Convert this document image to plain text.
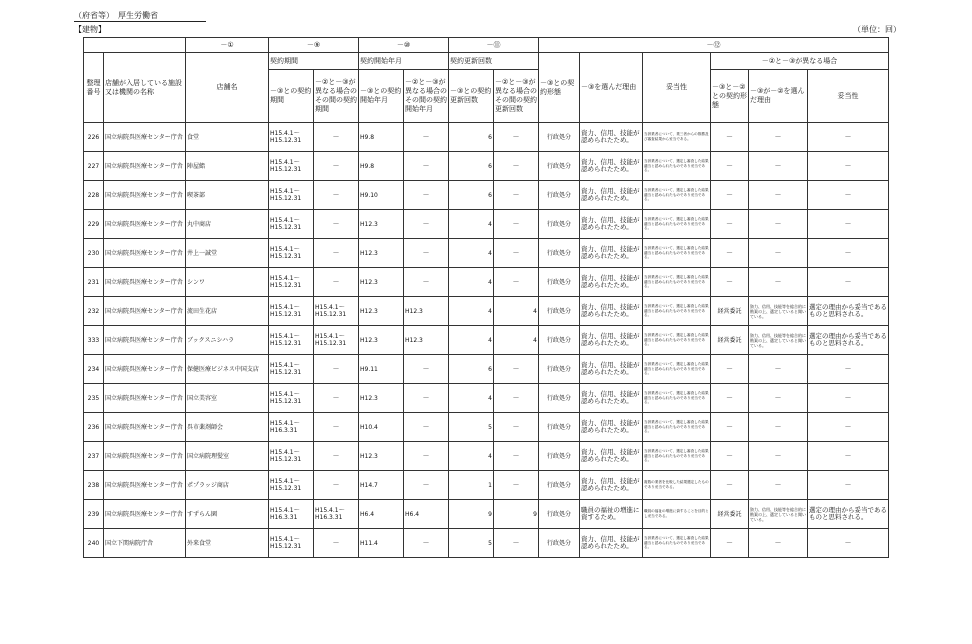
（府省等）　厚生労働省
【建物】	（単位：回）
		－①	－⑨		－⑩		－⑪		－⑫					
整理番号	店舗が入居している施設又は機関の名称	店舗名	契約期間		契約開始年月		契約更新回数		－③との契約形態	－③を選んだ理由	妥当性	－②と－③が異なる場合		
			－③との契約期間	－②と－③が異なる場合のその間の契約期間	－③との契約開始年月	－②と－③が異なる場合のその間の契約開始年月	－③との契約更新回数	－②と－③が異なる場合のその間の契約更新回数				－③と－②との契約形態	－③が－②を選んだ理由	妥当性
226	国立病院呉医療センター庁舎	食堂	H15.4.1～H15.12.31	－	H9.8	－	6	－	行政処分	資力、信用、技能が認められたため。	当該業者について、業三者からの推薦及び審査結果から妥当である。	－	－	－
227	国立病院呉医療センター庁舎	陣屋鮨	H15.4.1～H15.12.31	－	H9.8	－	6	－	行政処分	資力、信用、技能が認められたため。	当該業者について、選定し審査した結果適当と認められたものであり妥当である。	－	－	－
228	国立病院呉医療センター庁舎	喫茶部	H15.4.1～H15.12.31	－	H9.10	－	6	－	行政処分	資力、信用、技能が認められたため。	当該業者について、選定し審査した結果適当と認められたものであり妥当である。	－	－	－
229	国立病院呉医療センター庁舎	丸中商店	H15.4.1～H15.12.31	－	H12.3	－	4	－	行政処分	資力、信用、技能が認められたため。	当該業者について、選定し審査した結果適当と認められたものであり妥当である。	－	－	－
230	国立病院呉医療センター庁舎	井上一誠堂	H15.4.1～H15.12.31	－	H12.3	－	4	－	行政処分	資力、信用、技能が認められたため。	当該業者について、選定し審査した結果適当と認められたものであり妥当である。	－	－	－
231	国立病院呉医療センター庁舎	シンワ	H15.4.1～H15.12.31	－	H12.3	－	4	－	行政処分	資力、信用、技能が認められたため。	当該業者について、選定し審査した結果適当と認められたものであり妥当である。	－	－	－
232	国立病院呉医療センター庁舎	流田生花店	H15.4.1～H15.12.31	H15.4.1～H15.12.31	H12.3	H12.3	4	4	行政処分	資力、信用、技能が認められたため。	当該業者について、選定し審査した結果適当と認められたものであり妥当である。	経営委託	資力、信用、技能等を総合的に勘案の上、選定していると聞いている。	選定の理由から妥当であるものと思料される。
333	国立病院呉医療センター庁舎	ブックスニシハラ	H15.4.1～H15.12.31	H15.4.1～H15.12.31	H12.3	H12.3	4	4	行政処分	資力、信用、技能が認められたため。	当該業者について、選定し審査した結果適当と認められたものであり妥当である。	経営委託	資力、信用、技能等を総合的に勘案の上、選定していると聞いている。	選定の理由から妥当であるものと思料される。
234	国立病院呉医療センター庁舎	保健医療ビジネス中国支店	H15.4.1～H15.12.31	－	H9.11	－	6	－	行政処分	資力、信用、技能が認められたため。	当該業者について、選定し審査した結果適当と認められたものであり妥当である。	－	－	－
235	国立病院呉医療センター庁舎	国立美容室	H15.4.1～H15.12.31	－	H12.3	－	4	－	行政処分	資力、信用、技能が認められたため。	当該業者について、選定し審査した結果適当と認められたものであり妥当である。	－	－	－
236	国立病院呉医療センター庁舎	呉市薬剤師会	H15.4.1～H16.3.31	－	H10.4	－	5	－	行政処分	資力、信用、技能が認められたため。	当該業者について、選定し審査した結果適当と認められたものであり妥当である。	－	－	－
237	国立病院呉医療センター庁舎	国立病院理髪室	H15.4.1～H15.12.31	－	H12.3	－	4	－	行政処分	資力、信用、技能が認められたため。	当該業者について、選定し審査した結果適当と認められたものであり妥当である。	－	－	－
238	国立病院呉医療センター庁舎	ポプラッジ商店	H15.4.1～H15.12.31	－	H14.7	－	1	－	行政処分	資力、信用、技能が認められたため。	複数の業者を比較した結果選定したものであり妥当である。	－	－	－
239	国立病院呉医療センター庁舎	すずらん園	H15.4.1～H16.3.31	H15.4.1～H16.3.31	H6.4	H6.4	9	9	行政処分	職員の福祉の増進に資するため。	職員の福祉の増進に資することを目的とし妥当である。	経営委託	資力、信用、技能等を総合的に勘案の上、選定していると聞いている。	選定の理由から妥当であるものと思料される。
240	国立下関病院庁舎	外来食堂	H15.4.1～H15.12.31	－	H11.4	－	5	－	行政処分	資力、信用、技能が認められたため。	当該業者について、選定し審査した結果適当と認められたものであり妥当である。	－	－	－
